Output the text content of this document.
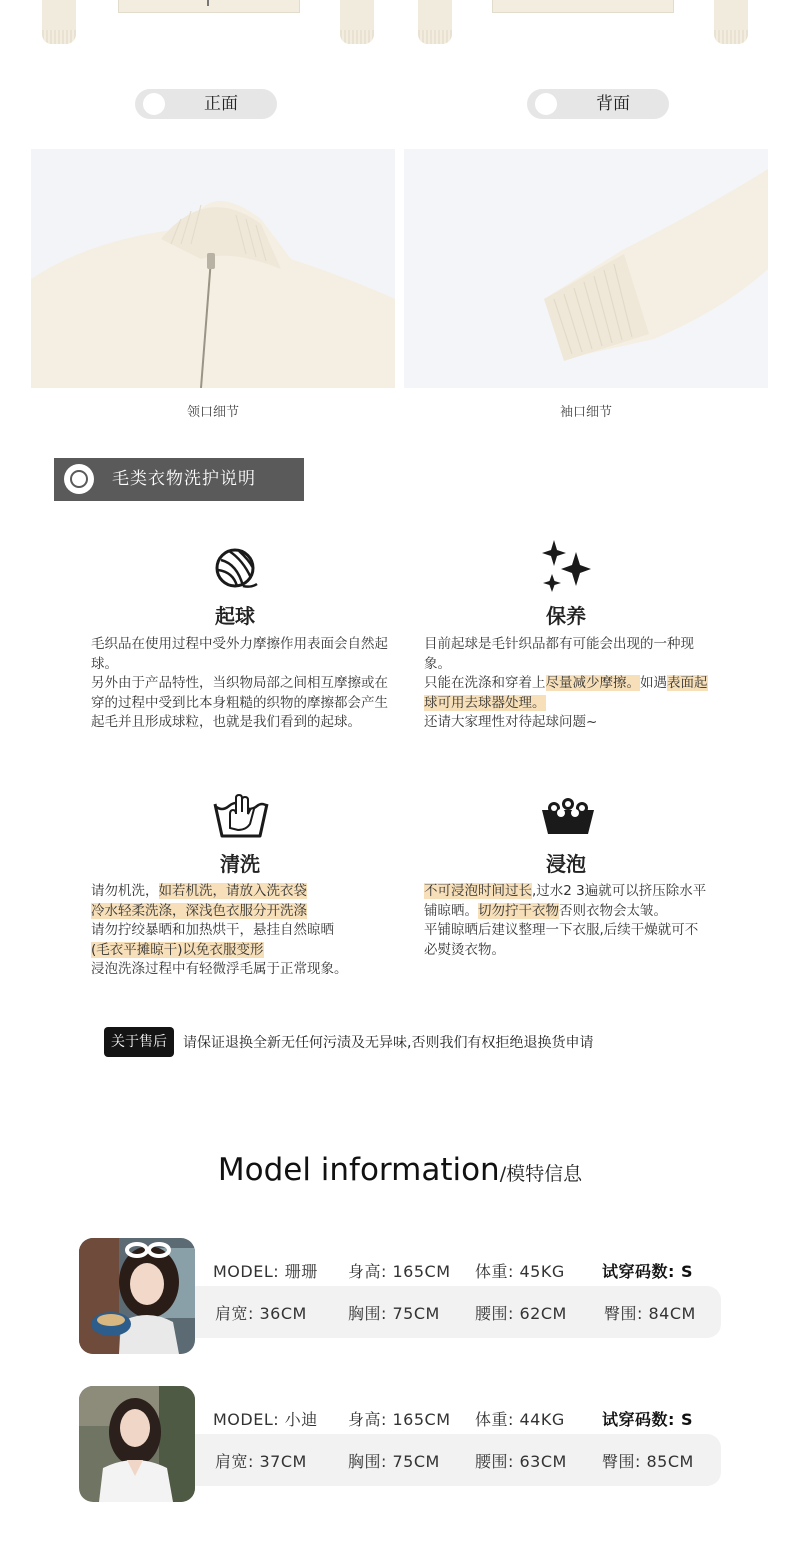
正面	背面
领口细节	袖口细节
毛类衣物洗护说明
起球

毛织品在使用过程中受外力摩擦作用表面会自然起球。

另外由于产品特性，当织物局部之间相互摩擦或在穿的过程中受到比本身粗糙的织物的摩擦都会产生起毛并且形成球粒，也就是我们看到的起球。

保养

目前起球是毛针织品都有可能会出现的一种现象。

只能在洗涤和穿着上尽量减少摩擦。如遇表面起球可用去球器处理。

还请大家理性对待起球问题~

清洗

请勿机洗，如若机洗，请放入洗衣袋

冷水轻柔洗涤，深浅色衣服分开洗涤

请勿拧绞暴晒和加热烘干，悬挂自然晾晒

(毛衣平摊晾干)以免衣服变形

浸泡洗涤过程中有轻微浮毛属于正常现象。

浸泡

不可浸泡时间过长,过水2 3遍就可以挤压除水平铺晾晒。切勿拧干衣物否则衣物会太皱。

平铺晾晒后建议整理一下衣服,后续干燥就可不必熨烫衣物。

关于售后	请保证退换全新无任何污渍及无异味,否则我们有权拒绝退换货申请
Model information/模特信息
MODEL: 珊珊 身高: 165CM 体重: 45KG 试穿码数: S
肩宽: 36CM	胸围: 75CM 腰围: 62CM 臀围: 84CM
MODEL: 小迪 身高: 165CM 体重: 44KG 试穿码数: S
肩宽: 37CM	胸围: 75CM 腰围: 63CM 臀围: 85CM
